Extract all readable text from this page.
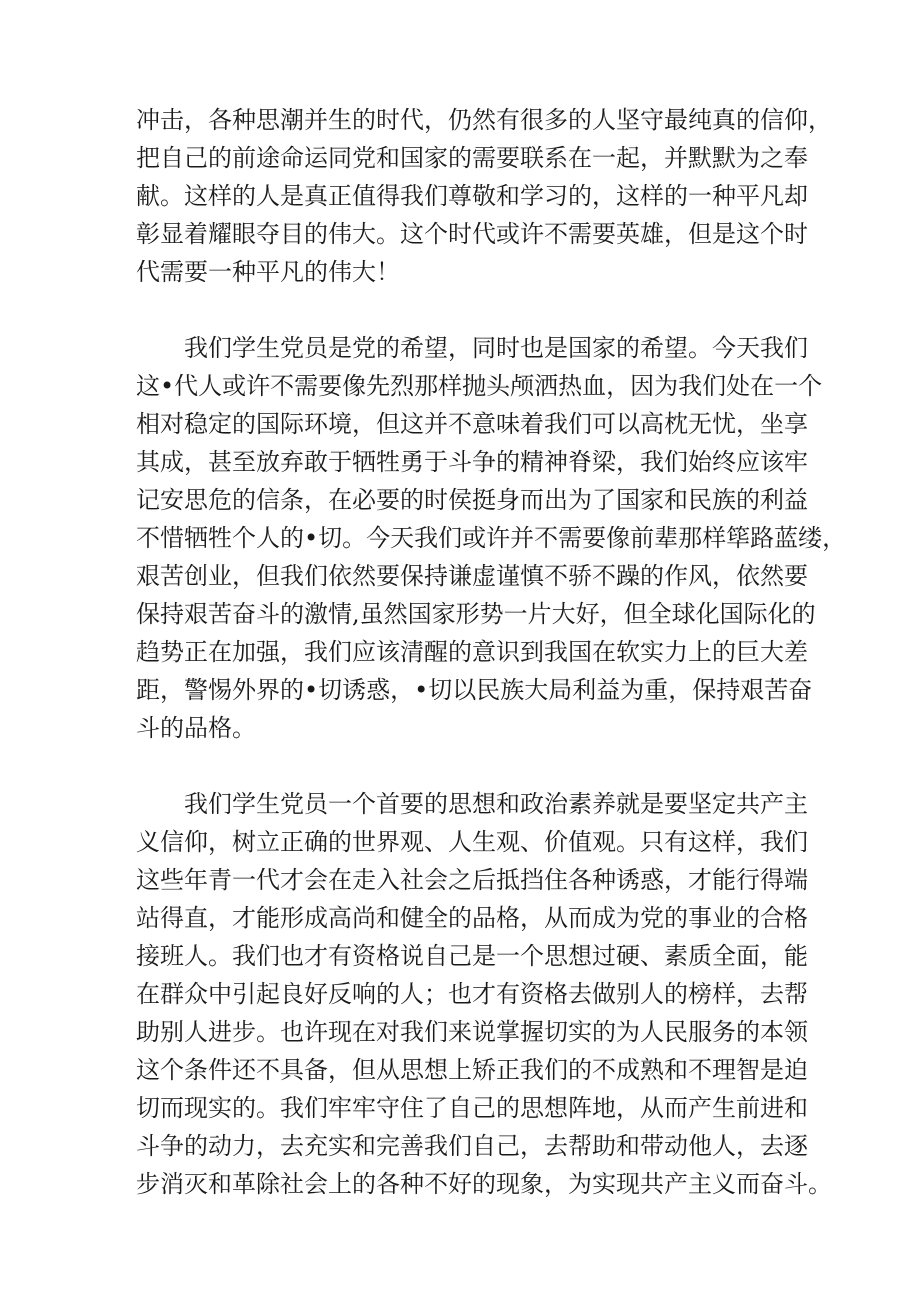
冲击，各种思潮并生的时代，仍然有很多的人坚守最纯真的信仰，
把自己的前途命运同党和国家的需要联系在一起，并默默为之奉
献。这样的人是真正值得我们尊敬和学习的，这样的一种平凡却
彰显着耀眼夺目的伟大。这个时代或许不需要英雄，但是这个时
代需要一种平凡的伟大！

我们学生党员是党的希望，同时也是国家的希望。今天我们
这•代人或许不需要像先烈那样抛头颅洒热血，因为我们处在一个
相对稳定的国际环境，但这并不意味着我们可以高枕无忧，坐享
其成，甚至放弃敢于牺牲勇于斗争的精神脊梁，我们始终应该牢
记安思危的信条，在必要的时侯挺身而出为了国家和民族的利益
不惜牺牲个人的•切。今天我们或许并不需要像前辈那样筚路蓝缕，
艰苦创业，但我们依然要保持谦虚谨慎不骄不躁的作风，依然要
保持艰苦奋斗的激情,虽然国家形势一片大好，但全球化国际化的
趋势正在加强，我们应该清醒的意识到我国在软实力上的巨大差
距，警惕外界的•切诱惑，•切以民族大局利益为重，保持艰苦奋
斗的品格。

我们学生党员一个首要的思想和政治素养就是要坚定共产主
义信仰，树立正确的世界观、人生观、价值观。只有这样，我们
这些年青一代才会在走入社会之后抵挡住各种诱惑，才能行得端
站得直，才能形成高尚和健全的品格，从而成为党的事业的合格
接班人。我们也才有资格说自己是一个思想过硬、素质全面，能
在群众中引起良好反响的人；也才有资格去做别人的榜样，去帮
助别人进步。也许现在对我们来说掌握切实的为人民服务的本领
这个条件还不具备，但从思想上矫正我们的不成熟和不理智是迫
切而现实的。我们牢牢守住了自己的思想阵地，从而产生前进和
斗争的动力，去充实和完善我们自己，去帮助和带动他人，去逐
步消灭和革除社会上的各种不好的现象，为实现共产主义而奋斗。
